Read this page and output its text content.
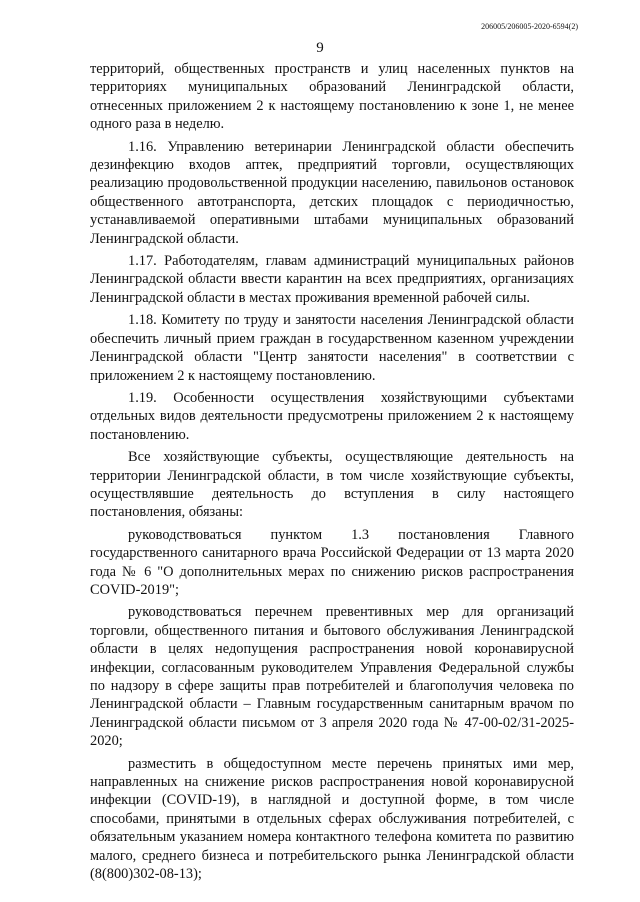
206005/206005-2020-6594(2)
9

территорий, общественных пространств и улиц населенных пунктов на территориях муниципальных образований Ленинградской области, отнесенных приложением 2 к настоящему постановлению к зоне 1, не менее одного раза в неделю.

1.16. Управлению ветеринарии Ленинградской области обеспечить дезинфекцию входов аптек, предприятий торговли, осуществляющих реализацию продовольственной продукции населению, павильонов остановок общественного автотранспорта, детских площадок с периодичностью, устанавливаемой оперативными штабами муниципальных образований Ленинградской области.

1.17. Работодателям, главам администраций муниципальных районов Ленинградской области ввести карантин на всех предприятиях, организациях Ленинградской области в местах проживания временной рабочей силы.

1.18. Комитету по труду и занятости населения Ленинградской области обеспечить личный прием граждан в государственном казенном учреждении Ленинградской области "Центр занятости населения" в соответствии с приложением 2 к настоящему постановлению.

1.19. Особенности осуществления хозяйствующими субъектами отдельных видов деятельности предусмотрены приложением 2 к настоящему постановлению.

Все хозяйствующие субъекты, осуществляющие деятельность на территории Ленинградской области, в том числе хозяйствующие субъекты, осуществлявшие деятельность до вступления в силу настоящего постановления, обязаны:

руководствоваться пунктом 1.3 постановления Главного государственного санитарного врача Российской Федерации от 13 марта 2020 года № 6 "О дополнительных мерах по снижению рисков распространения COVID-2019";

руководствоваться перечнем превентивных мер для организаций торговли, общественного питания и бытового обслуживания Ленинградской области в целях недопущения распространения новой коронавирусной инфекции, согласованным руководителем Управления Федеральной службы по надзору в сфере защиты прав потребителей и благополучия человека по Ленинградской области – Главным государственным санитарным врачом по Ленинградской области письмом от 3 апреля 2020 года № 47-00-02/31-2025-2020;

разместить в общедоступном месте перечень принятых ими мер, направленных на снижение рисков распространения новой коронавирусной инфекции (COVID-19), в наглядной и доступной форме, в том числе способами, принятыми в отдельных сферах обслуживания потребителей, с обязательным указанием номера контактного телефона комитета по развитию малого, среднего бизнеса и потребительского рынка Ленинградской области (8(800)302-08-13);
